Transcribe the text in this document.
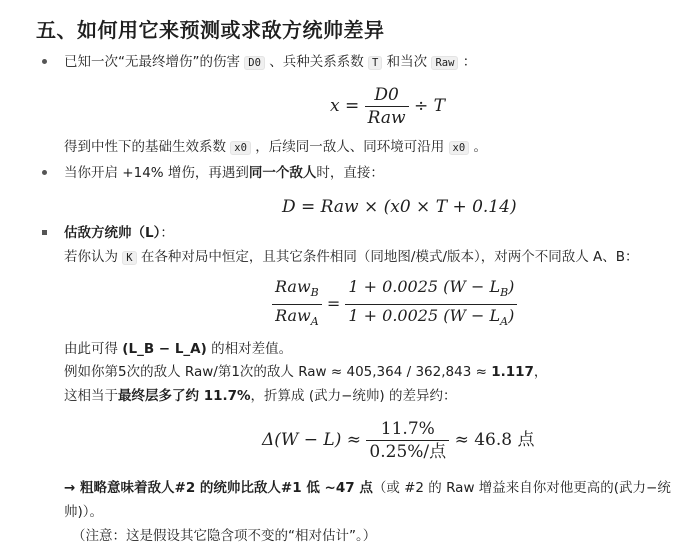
五、如何用它来预测或求敌方统帅差异
已知一次“无最终增伤”的伤害 D0 、兵种关系系数 T 和当次 Raw ：
$x = \frac{D0}{\text{Raw}} \div T$
得到中性下的基础生效系数 x0 ，后续同一敌人、同环境可沿用 x0 。
当你开启 +14% 增伤，再遇到同一个敌人时，直接：
D = Raw × (x0 × T + 0.14)
估敌方统帅（L）：
若你认为 K 在各种对局中恒定，且其它条件相同（同地图/模式/版本），对两个不同敌人 A、B：
$\frac{Raw_B}{Raw_A} = \frac{1 + 0.0025 (W - L_B)}{1 + 0.0025 (W - L_A)}$
由此可得 (L_B − L_A) 的相对差值。
例如你第5次的敌人 Raw/第1次的敌人 Raw ≈ 405,364 / 362,843 ≈ 1.117，
这相当于最终层多了约 11.7%，折算成 (武力−统帅) 的差异约：
$\Delta(W - L) \approx \frac{11.7\%}{\text{0.25\%/点}} \approx 46.8$ 点
→ 粗略意味着敌人#2 的统帅比敌人#1 低 ~47 点（或 #2 的 Raw 增益来自你对他更高的(武力−统
帅)）。
（注意：这是假设其它隐含项不变的“相对估计”。）
